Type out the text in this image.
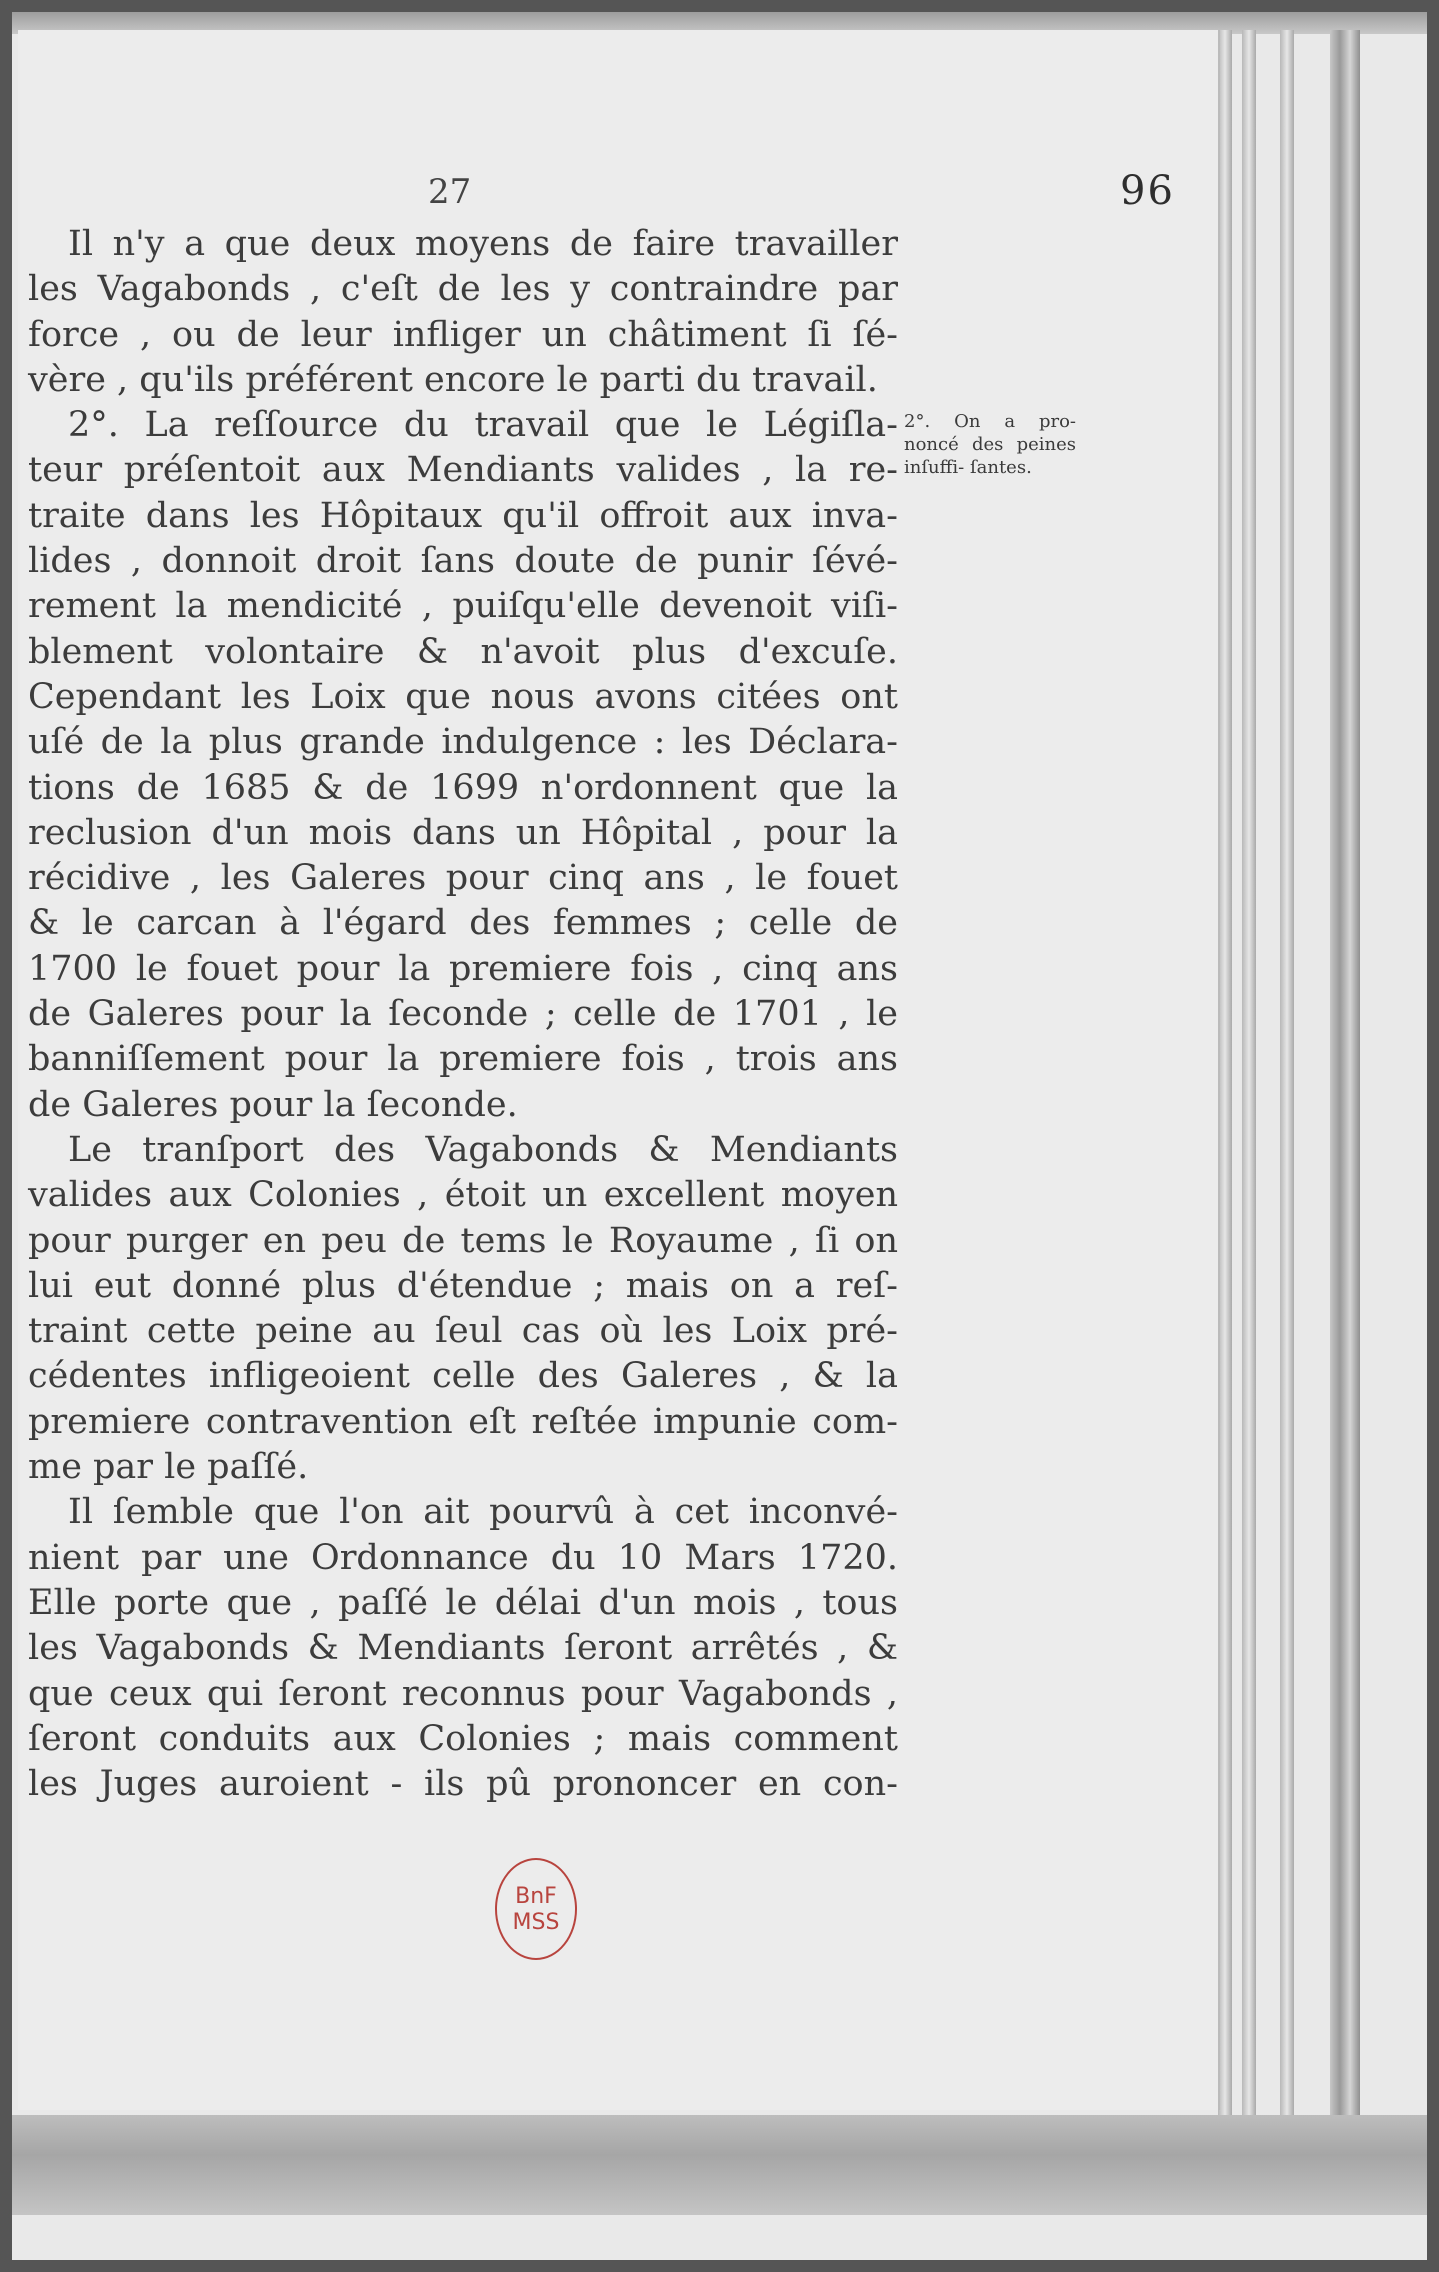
27	96

Il n'y a que deux moyens de faire travailler

les Vagabonds , c'eſt de les y contraindre par

force , ou de leur infliger un châtiment ſi ſé-

vère , qu'ils préférent encore le parti du travail.

2°. La reſſource du travail que le Légiſla-

teur préſentoit aux Mendiants valides , la re-

traite dans les Hôpitaux qu'il offroit aux inva-

lides , donnoit droit ſans doute de punir ſévé-

rement la mendicité , puiſqu'elle devenoit viſi-

blement volontaire & n'avoit plus d'excuſe.

Cependant les Loix que nous avons citées ont

uſé de la plus grande indulgence : les Déclara-

tions de 1685 & de 1699 n'ordonnent que la

reclusion d'un mois dans un Hôpital , pour la

récidive , les Galeres pour cinq ans , le fouet

& le carcan à l'égard des femmes ; celle de

1700 le fouet pour la premiere fois , cinq ans

de Galeres pour la ſeconde ; celle de 1701 , le

banniſſement pour la premiere fois , trois ans

de Galeres pour la ſeconde.

Le tranſport des Vagabonds & Mendiants

valides aux Colonies , étoit un excellent moyen

pour purger en peu de tems le Royaume , ſi on

lui eut donné plus d'étendue ; mais on a reſ-

traint cette peine au ſeul cas où les Loix pré-

cédentes infligeoient celle des Galeres , & la

premiere contravention eſt reſtée impunie com-

me par le paſſé.

Il ſemble que l'on ait pourvû à cet inconvé-

nient par une Ordonnance du 10 Mars 1720.

Elle porte que , paſſé le délai d'un mois , tous

les Vagabonds & Mendiants ſeront arrêtés , &

que ceux qui ſeront reconnus pour Vagabonds ,

ſeront conduits aux Colonies ; mais comment

les Juges auroient - ils pû prononcer en con-

2°. On a pro- noncé des peines inſuffi- ſantes.
BnF
MSS
